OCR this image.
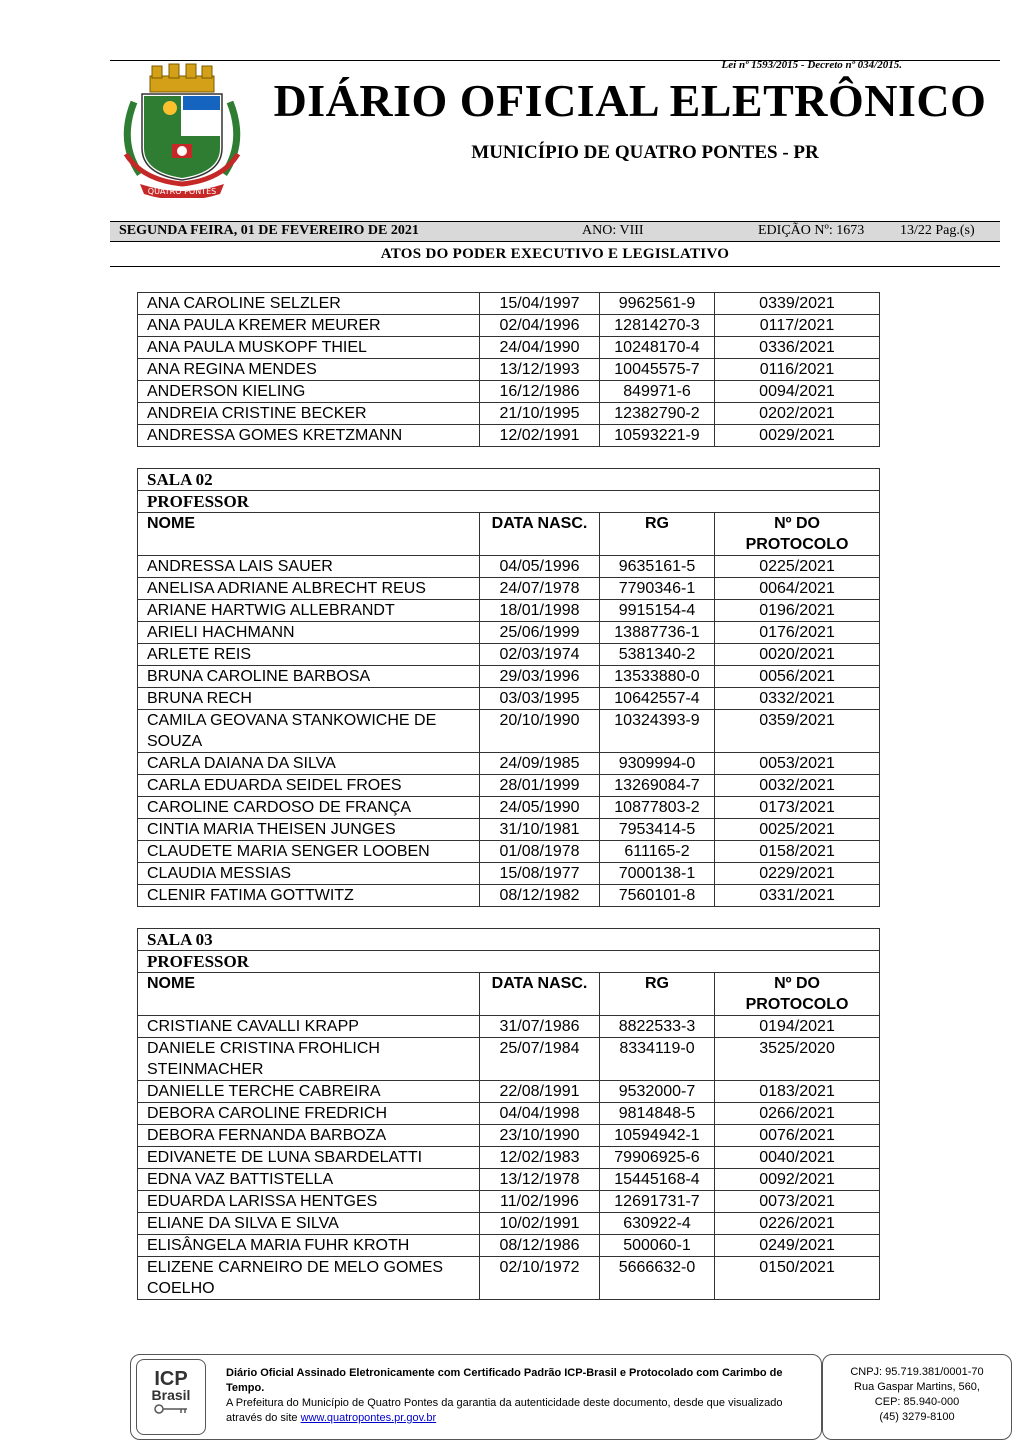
Lei nº 1593/2015 - Decreto nº 034/2015.
QUATRO PONTES
DIÁRIO OFICIAL ELETRÔNICO
MUNICÍPIO DE QUATRO PONTES - PR
SEGUNDA FEIRA, 01 DE FEVEREIRO DE 2021	ANO: VIII	EDIÇÃO Nº: 1673	13/22 Pag.(s)
ATOS DO PODER EXECUTIVO E LEGISLATIVO
ANA CAROLINE SELZLER	15/04/1997	9962561-9	0339/2021
ANA PAULA KREMER MEURER	02/04/1996	12814270-3	0117/2021
ANA PAULA MUSKOPF THIEL	24/04/1990	10248170-4	0336/2021
ANA REGINA MENDES	13/12/1993	10045575-7	0116/2021
ANDERSON KIELING	16/12/1986	849971-6	0094/2021
ANDREIA CRISTINE BECKER	21/10/1995	12382790-2	0202/2021
ANDRESSA GOMES KRETZMANN	12/02/1991	10593221-9	0029/2021
SALA 02			
PROFESSOR			
NOME	DATA NASC.	RG	Nº DO PROTOCOLO
ANDRESSA LAIS SAUER	04/05/1996	9635161-5	0225/2021
ANELISA ADRIANE ALBRECHT REUS	24/07/1978	7790346-1	0064/2021
ARIANE HARTWIG ALLEBRANDT	18/01/1998	9915154-4	0196/2021
ARIELI HACHMANN	25/06/1999	13887736-1	0176/2021
ARLETE REIS	02/03/1974	5381340-2	0020/2021
BRUNA CAROLINE BARBOSA	29/03/1996	13533880-0	0056/2021
BRUNA RECH	03/03/1995	10642557-4	0332/2021
CAMILA GEOVANA STANKOWICHE DE SOUZA	20/10/1990	10324393-9	0359/2021
CARLA DAIANA DA SILVA	24/09/1985	9309994-0	0053/2021
CARLA EDUARDA SEIDEL FROES	28/01/1999	13269084-7	0032/2021
CAROLINE CARDOSO DE FRANÇA	24/05/1990	10877803-2	0173/2021
CINTIA MARIA THEISEN JUNGES	31/10/1981	7953414-5	0025/2021
CLAUDETE MARIA SENGER LOOBEN	01/08/1978	611165-2	0158/2021
CLAUDIA MESSIAS	15/08/1977	7000138-1	0229/2021
CLENIR FATIMA GOTTWITZ	08/12/1982	7560101-8	0331/2021
SALA 03			
PROFESSOR			
NOME	DATA NASC.	RG	Nº DO PROTOCOLO
CRISTIANE CAVALLI KRAPP	31/07/1986	8822533-3	0194/2021
DANIELE CRISTINA FROHLICH STEINMACHER	25/07/1984	8334119-0	3525/2020
DANIELLE TERCHE CABREIRA	22/08/1991	9532000-7	0183/2021
DEBORA CAROLINE FREDRICH	04/04/1998	9814848-5	0266/2021
DEBORA FERNANDA BARBOZA	23/10/1990	10594942-1	0076/2021
EDIVANETE DE LUNA SBARDELATTI	12/02/1983	79906925-6	0040/2021
EDNA VAZ BATTISTELLA	13/12/1978	15445168-4	0092/2021
EDUARDA LARISSA HENTGES	11/02/1996	12691731-7	0073/2021
ELIANE DA SILVA E SILVA	10/02/1991	630922-4	0226/2021
ELISÂNGELA MARIA FUHR KROTH	08/12/1986	500060-1	0249/2021
ELIZENE CARNEIRO DE MELO GOMES COELHO	02/10/1972	5666632-0	0150/2021
ICP
Brasil
Diário Oficial Assinado Eletronicamente com Certificado Padrão ICP-Brasil e Protocolado com Carimbo de Tempo.
A Prefeitura do Município de Quatro Pontes da garantia da autenticidade deste documento, desde que visualizado
através do site www.quatropontes.pr.gov.br
CNPJ: 95.719.381/0001-70
Rua Gaspar Martins, 560,
CEP: 85.940-000
(45) 3279-8100
